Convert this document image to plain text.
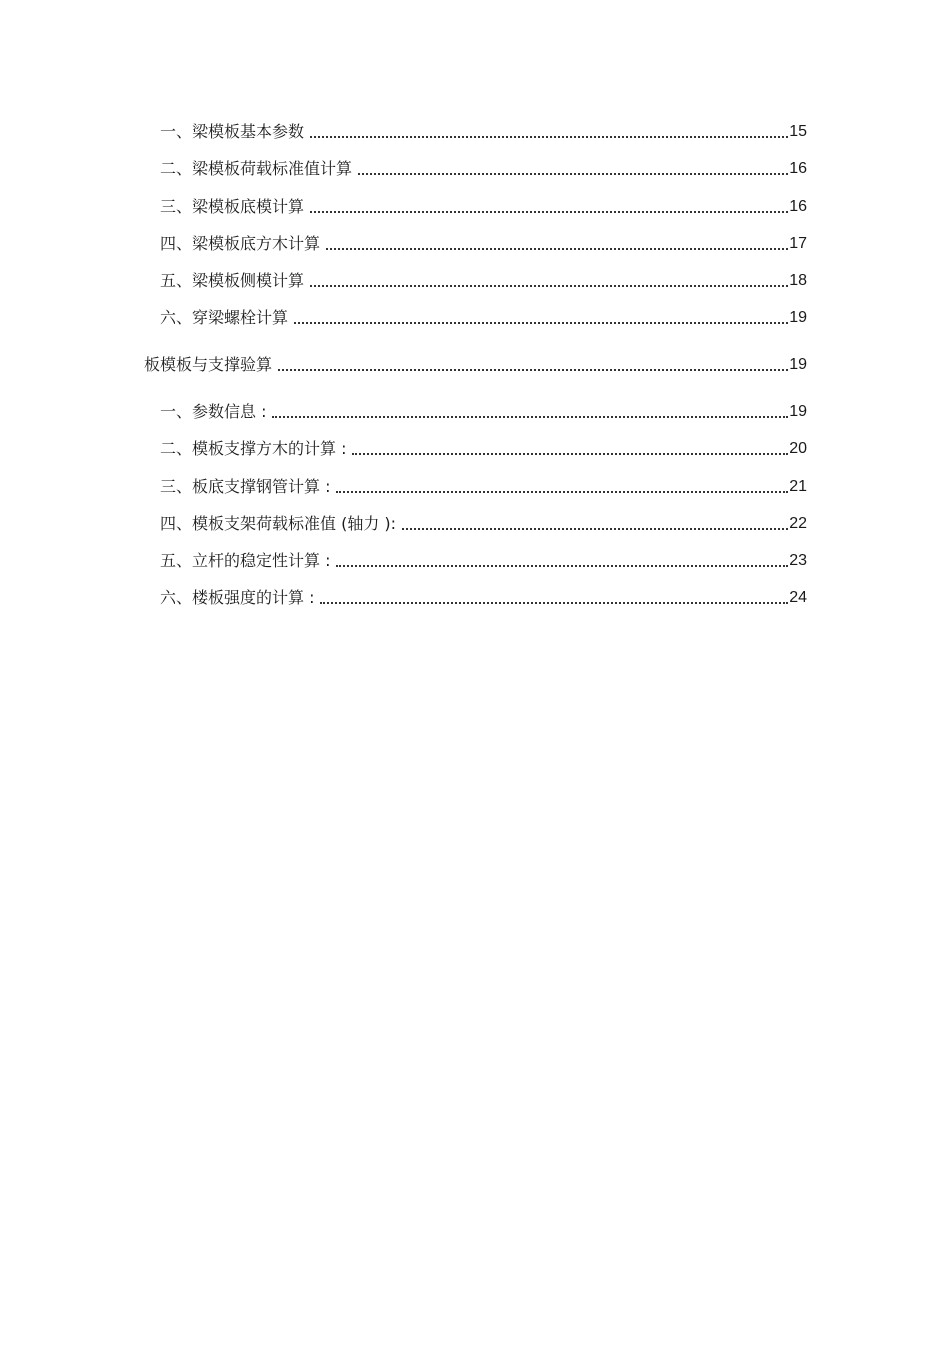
一、梁模板基本参数	15
二、梁模板荷载标准值计算	16
三、梁模板底模计算	16
四、梁模板底方木计算	17
五、梁模板侧模计算	18
六、穿梁螺栓计算	19
板模板与支撑验算	19
一、参数信息 :	19
二、模板支撑方木的计算 :	20
三、板底支撑钢管计算 :	21
四、模板支架荷载标准值 (轴力 ):	22
五、立杆的稳定性计算 :	23
六、楼板强度的计算 :	24
